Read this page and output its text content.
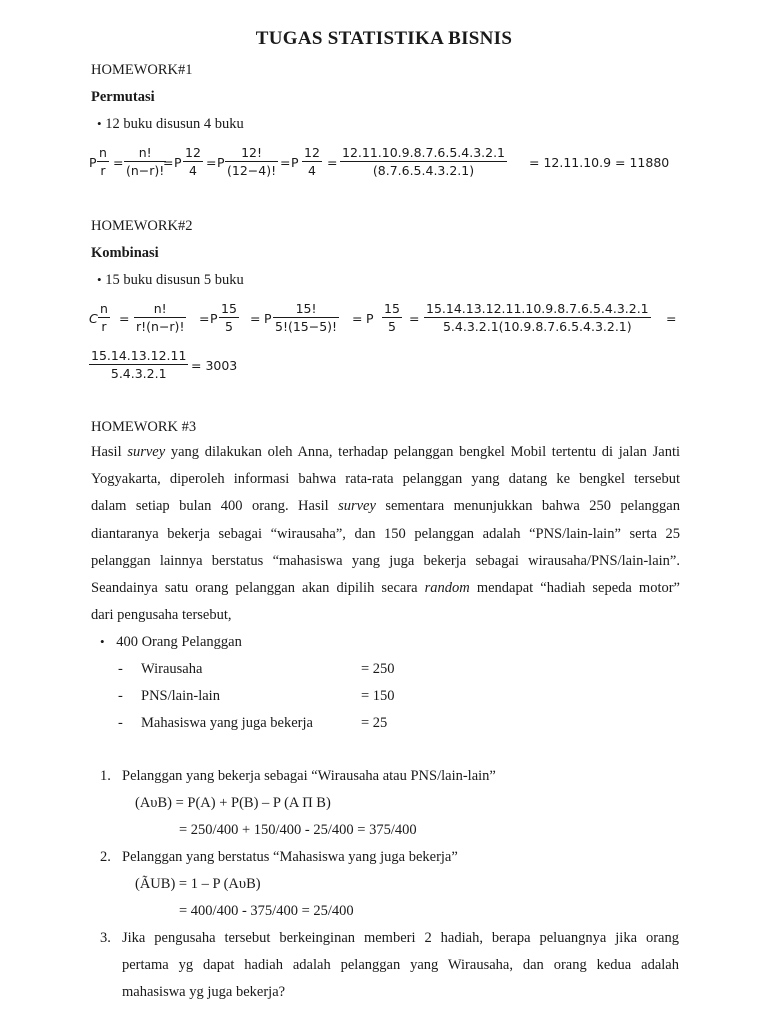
TUGAS STATISTIKA BISNIS
HOMEWORK#1
Permutasi
• 12 buku disusun 4 buku
P $\frac{n}{r} = \frac{n!}{(n-r)!}$
= P $\frac{12}{4} = P \frac{12!}{(12-4)!} = P \frac{12}{4} = \frac{12.11.10.9.8.7.6.5.4.3.2.1}{(8.7.6.5.4.3.2.1)} = 12.11.10.9 = 11880$
HOMEWORK#2
Kombinasi
• 15 buku disusun 5 buku
C $\frac{n}{r} = \frac{n!}{r!(n-r)!} = P \frac{15}{5} = P \frac{15!}{5!(15-5)!} = P \frac{15}{5} = \frac{15.14.13.12.11.10.9.8.7.6.5.4.3.2.1}{5.4.3.2.1(10.9.8.7.6.5.4.3.2.1)}$ =
$\frac{15.14.13.12.11}{5.4.3.2.1} = 3003$
HOMEWORK #3
Hasil survey yang dilakukan oleh Anna, terhadap pelanggan bengkel Mobil tertentu di jalan Janti
Yogyakarta, diperoleh informasi bahwa rata-rata pelanggan yang datang ke bengkel tersebut
dalam setiap bulan 400 orang. Hasil survey sementara menunjukkan bahwa 250 pelanggan
diantaranya bekerja sebagai “wirausaha”, dan 150 pelanggan adalah “PNS/lain-lain” serta 25
pelanggan lainnya berstatus “mahasiswa yang juga bekerja sebagai wirausaha/PNS/lain-lain”.
Seandainya satu orang pelanggan akan dipilih secara random mendapat “hadiah sepeda motor”
dari pengusaha tersebut,
• 400 Orang Pelanggan
- Wirausaha	= 250
- PNS/lain-lain	= 150
- Mahasiswa yang juga bekerja	= 25
1. Pelanggan yang bekerja sebagai “Wirausaha atau PNS/lain-lain”
(AυB) = P(A) + P(B) – P (A Π B)
= 250/400 + 150/400 - 25/400 = 375/400
2. Pelanggan yang berstatus “Mahasiswa yang juga bekerja”
(ÃUB) = 1 – P (AυB)
= 400/400 - 375/400 = 25/400
3. Jika pengusaha tersebut berkeinginan memberi 2 hadiah, berapa peluangnya jika orang
pertama yg dapat hadiah adalah pelanggan yang Wirausaha, dan orang kedua adalah
mahasiswa yg juga bekerja?
